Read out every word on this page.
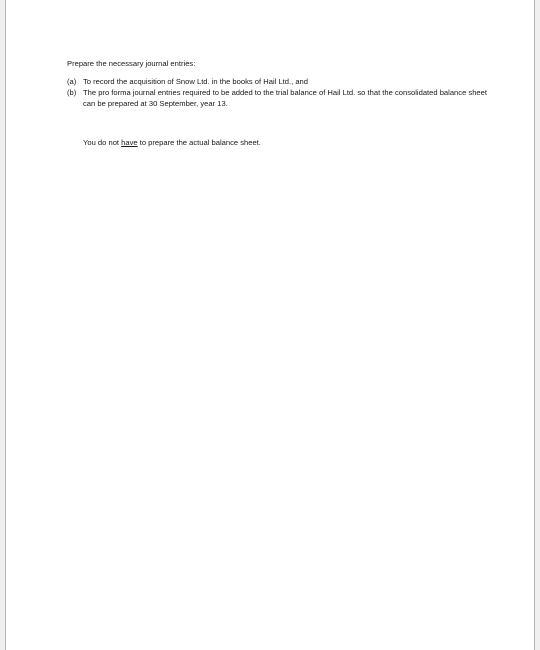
Prepare the necessary journal entries:

(a) To record the acquisition of Snow Ltd. in the books of Hail Ltd., and
(b) The pro forma journal entries required to be added to the trial balance of Hail Ltd. so that the consolidated balance sheet can be prepared at 30 September, year 13.

You do not have to prepare the actual balance sheet.
